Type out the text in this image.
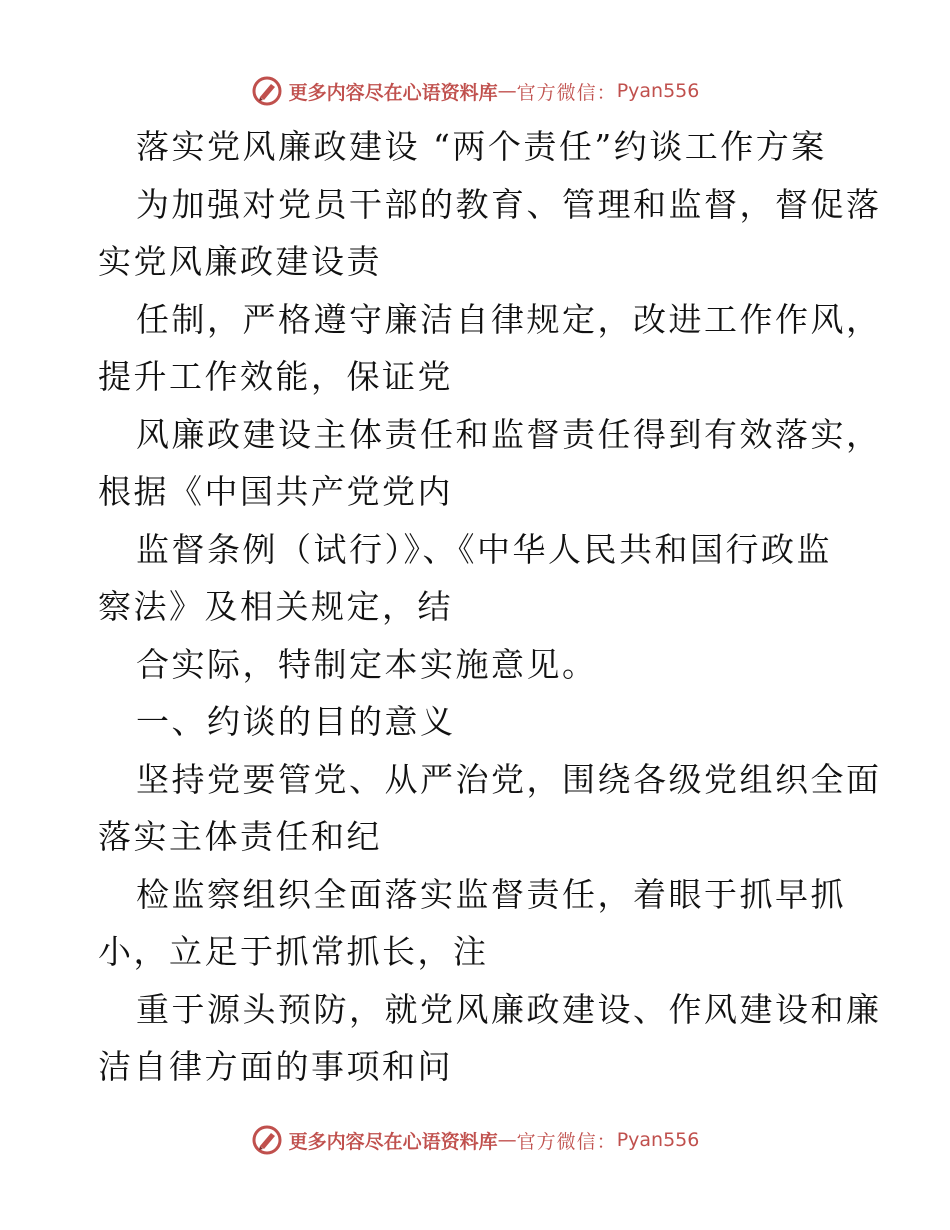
更多内容尽在心语资料库 — 官方微信： Pyan556
落实党风廉政建设 “两个责任”约谈工作方案
为加强对党员干部的教育、管理和监督，督促落
实党风廉政建设责
任制，严格遵守廉洁自律规定，改进工作作风，
提升工作效能，保证党
风廉政建设主体责任和监督责任得到有效落实，
根据《中国共产党党内
监督条例（试行）》、《中华人民共和国行政监
察法》及相关规定，结
合实际，特制定本实施意见。
一、约谈的目的意义
坚持党要管党、从严治党，围绕各级党组织全面
落实主体责任和纪
检监察组织全面落实监督责任，着眼于抓早抓
小，立足于抓常抓长，注
重于源头预防，就党风廉政建设、作风建设和廉
洁自律方面的事项和问
更多内容尽在心语资料库 — 官方微信： Pyan556
